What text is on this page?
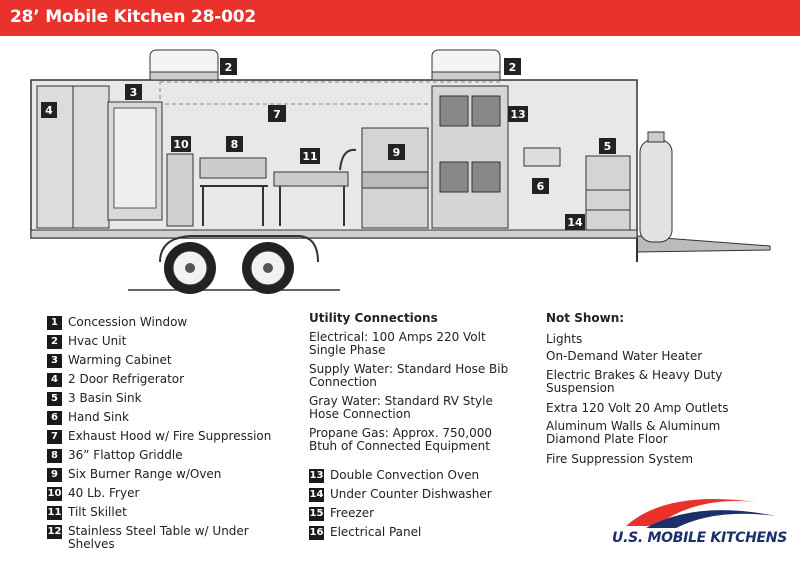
28’ Mobile Kitchen 28-002
2	2
3
4
5
6
7
8
9
10
11
13
14
1 Concession Window
2 Hvac Unit
3 Warming Cabinet
4 2 Door Refrigerator
5 3 Basin Sink
6 Hand Sink
7 Exhaust Hood w/ Fire Suppression
8 36” Flattop Griddle
9 Six Burner Range w/Oven
10 40 Lb. Fryer
11 Tilt Skillet
12 Stainless Steel Table w/ Under Shelves
Utility Connections
Electrical: 100 Amps 220 Volt Single Phase
Supply Water: Standard Hose Bib Connection
Gray Water: Standard RV Style Hose Connection
Propane Gas: Approx. 750,000 Btuh of Connected Equipment
13 Double Convection Oven
14 Under Counter Dishwasher
15 Freezer
16 Electrical Panel
Not Shown:
Lights
On-Demand Water Heater
Electric Brakes & Heavy Duty Suspension
Extra 120 Volt 20 Amp Outlets
Aluminum Walls & Aluminum Diamond Plate Floor
Fire Suppression System
U.S. MOBILE KITCHENS
